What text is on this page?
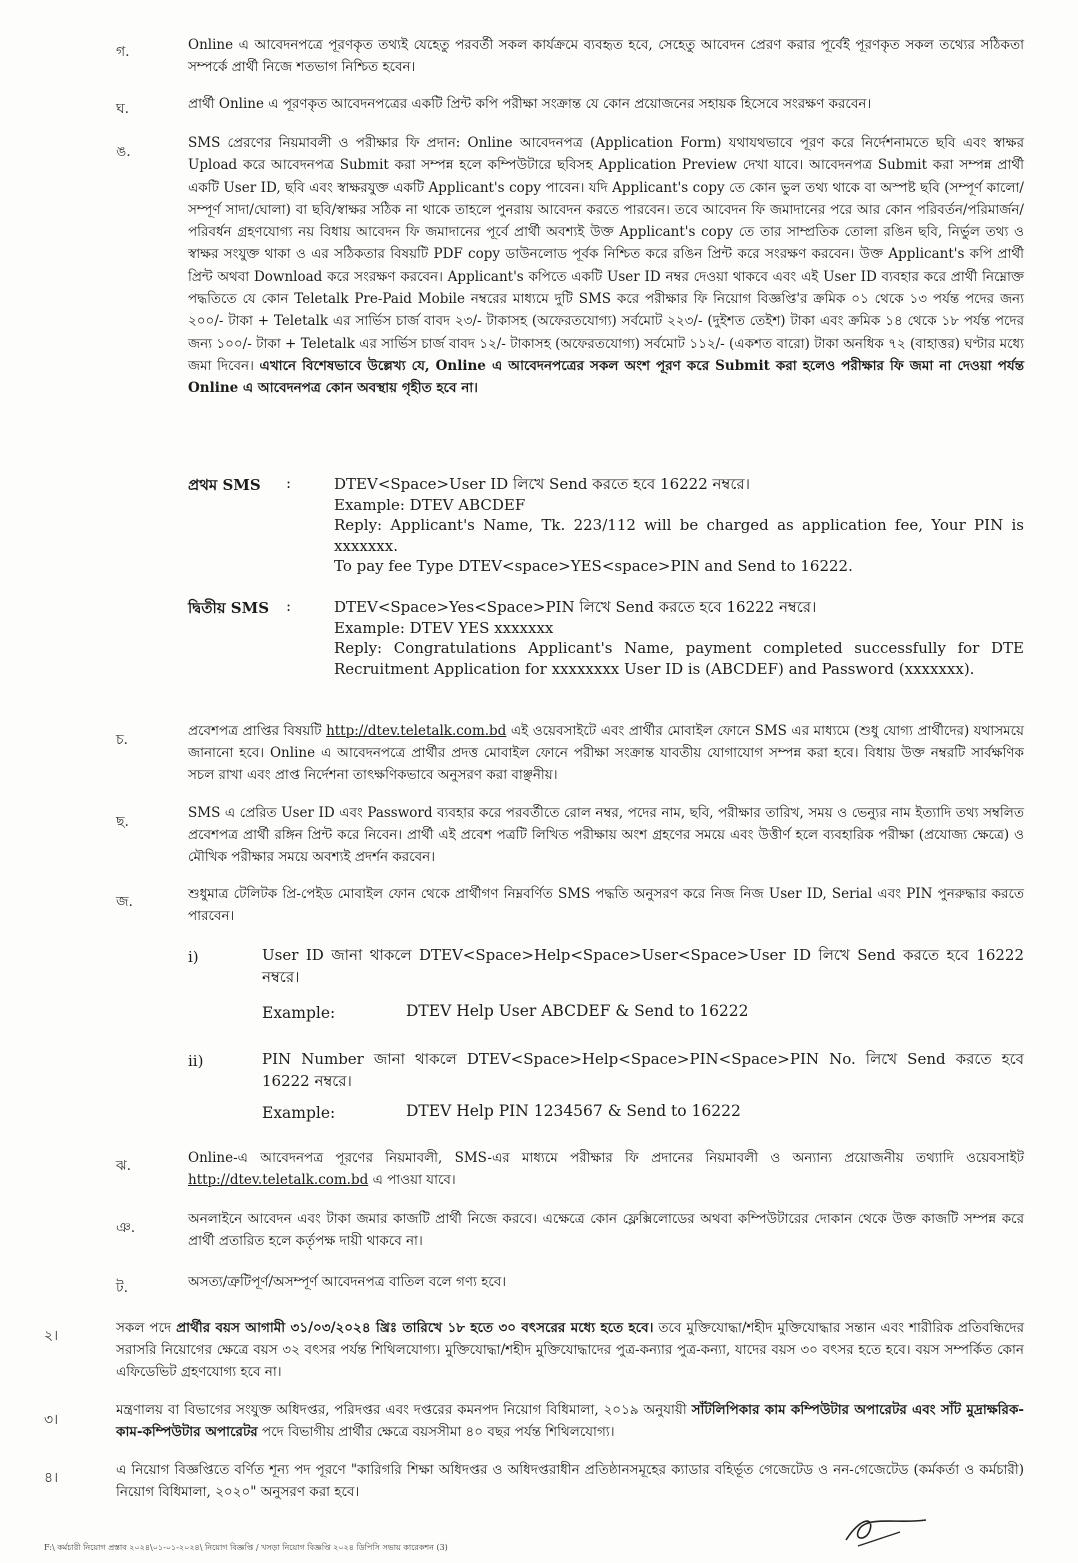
গ.	Online এ আবেদনপত্রে পূরণকৃত তথ্যই যেহেতু পরবর্তী সকল কার্যক্রমে ব্যবহৃত হবে, সেহেতু আবেদন প্রেরণ করার পূর্বেই পূরণকৃত সকল তথ্যের সঠিকতা সম্পর্কে প্রার্থী নিজে শতভাগ নিশ্চিত হবেন।
ঘ.	প্রার্থী Online এ পূরণকৃত আবেদনপত্রের একটি প্রিন্ট কপি পরীক্ষা সংক্রান্ত যে কোন প্রয়োজনের সহায়ক হিসেবে সংরক্ষণ করবেন।
ঙ.
SMS প্রেরণের নিয়মাবলী ও পরীক্ষার ফি প্রদান: Online আবেদনপত্র (Application Form) যথাযথভাবে পূরণ করে নির্দেশনামতে ছবি এবং স্বাক্ষর Upload করে আবেদনপত্র Submit করা সম্পন্ন হলে কম্পিউটারে ছবিসহ Application Preview দেখা যাবে। আবেদনপত্র Submit করা সম্পন্ন প্রার্থী একটি User ID, ছবি এবং স্বাক্ষরযুক্ত একটি Applicant's copy পাবেন। যদি Applicant's copy তে কোন ভুল তথ্য থাকে বা অস্পষ্ট ছবি (সম্পূর্ণ কালো/ সম্পূর্ণ সাদা/ঘোলা) বা ছবি/স্বাক্ষর সঠিক না থাকে তাহলে পুনরায় আবেদন করতে পারবেন। তবে আবেদন ফি জমাদানের পরে আর কোন পরিবর্তন/পরিমার্জন/ পরিবর্ধন গ্রহণযোগ্য নয় বিধায় আবেদন ফি জমাদানের পূর্বে প্রার্থী অবশ্যই উক্ত Applicant's copy তে তার সাম্প্রতিক তোলা রঙিন ছবি, নির্ভুল তথ্য ও স্বাক্ষর সংযুক্ত থাকা ও এর সঠিকতার বিষয়টি PDF copy ডাউনলোড পূর্বক নিশ্চিত করে রঙিন প্রিন্ট করে সংরক্ষণ করবেন। উক্ত Applicant's কপি প্রার্থী প্রিন্ট অথবা Download করে সংরক্ষণ করবেন। Applicant's কপিতে একটি User ID নম্বর দেওয়া থাকবে এবং এই User ID ব্যবহার করে প্রার্থী নিম্নোক্ত পদ্ধতিতে যে কোন Teletalk Pre-Paid Mobile নম্বরের মাধ্যমে দুটি SMS করে পরীক্ষার ফি নিয়োগ বিজ্ঞপ্তি'র ক্রমিক ০১ থেকে ১৩ পর্যন্ত পদের জন্য ২০০/- টাকা + Teletalk এর সার্ভিস চার্জ বাবদ ২৩/- টাকাসহ (অফেরতযোগ্য) সর্বমোট ২২৩/- (দুইশত তেইশ) টাকা এবং ক্রমিক ১৪ থেকে ১৮ পর্যন্ত পদের জন্য ১০০/- টাকা + Teletalk এর সার্ভিস চার্জ বাবদ ১২/- টাকাসহ (অফেরতযোগ্য) সর্বমোট ১১২/- (একশত বারো) টাকা অনধিক ৭২ (বাহাত্তর) ঘণ্টার মধ্যে জমা দিবেন। এখানে বিশেষভাবে উল্লেখ্য যে, Online এ আবেদনপত্রের সকল অংশ পূরণ করে Submit করা হলেও পরীক্ষার ফি জমা না দেওয়া পর্যন্ত Online এ আবেদনপত্র কোন অবস্থায় গৃহীত হবে না।
প্রথম SMS :	DTEV<Space>User ID লিখে Send করতে হবে 16222 নম্বরে।
Example: DTEV ABCDEF
Reply: Applicant's Name, Tk. 223/112 will be charged as application fee, Your PIN is xxxxxxx.
To pay fee Type DTEV<space>YES<space>PIN and Send to 16222.
দ্বিতীয় SMS :	DTEV<Space>Yes<Space>PIN লিখে Send করতে হবে 16222 নম্বরে।
Example: DTEV YES xxxxxxx
Reply: Congratulations Applicant's Name, payment completed successfully for DTE Recruitment Application for xxxxxxxx User ID is (ABCDEF) and Password (xxxxxxx).
চ.
প্রবেশপত্র প্রাপ্তির বিষয়টি http://dtev.teletalk.com.bd এই ওয়েবসাইটে এবং প্রার্থীর মোবাইল ফোনে SMS এর মাধ্যমে (শুধু যোগ্য প্রার্থীদের) যথাসময়ে জানানো হবে। Online এ আবেদনপত্রে প্রার্থীর প্রদত্ত মোবাইল ফোনে পরীক্ষা সংক্রান্ত যাবতীয় যোগাযোগ সম্পন্ন করা হবে। বিধায় উক্ত নম্বরটি সার্বক্ষণিক সচল রাখা এবং প্রাপ্ত নির্দেশনা তাৎক্ষণিকভাবে অনুসরণ করা বাঞ্ছনীয়।
ছ.
SMS এ প্রেরিত User ID এবং Password ব্যবহার করে পরবর্তীতে রোল নম্বর, পদের নাম, ছবি, পরীক্ষার তারিখ, সময় ও ভেন্যুর নাম ইত্যাদি তথ্য সম্বলিত প্রবেশপত্র প্রার্থী রঙ্গিন প্রিন্ট করে নিবেন। প্রার্থী এই প্রবেশ পত্রটি লিখিত পরীক্ষায় অংশ গ্রহণের সময়ে এবং উত্তীর্ণ হলে ব্যবহারিক পরীক্ষা (প্রযোজ্য ক্ষেত্রে) ও মৌখিক পরীক্ষার সময়ে অবশ্যই প্রদর্শন করবেন।
জ.	শুধুমাত্র টেলিটক প্রি-পেইড মোবাইল ফোন থেকে প্রার্থীগণ নিম্নবর্ণিত SMS পদ্ধতি অনুসরণ করে নিজ নিজ User ID, Serial এবং PIN পুনরুদ্ধার করতে পারবেন।
i)	User ID জানা থাকলে DTEV<Space>Help<Space>User<Space>User ID লিখে Send করতে হবে 16222 নম্বরে।
Example:	DTEV Help User ABCDEF & Send to 16222
ii)	PIN Number জানা থাকলে DTEV<Space>Help<Space>PIN<Space>PIN No. লিখে Send করতে হবে 16222 নম্বরে।
Example:	DTEV Help PIN 1234567 & Send to 16222
ঝ.	Online-এ আবেদনপত্র পূরণের নিয়মাবলী, SMS-এর মাধ্যমে পরীক্ষার ফি প্রদানের নিয়মাবলী ও অন্যান্য প্রয়োজনীয় তথ্যাদি ওয়েবসাইট http://dtev.teletalk.com.bd এ পাওয়া যাবে।
ঞ.
অনলাইনে আবেদন এবং টাকা জমার কাজটি প্রার্থী নিজে করবে। এক্ষেত্রে কোন ফ্লেক্সিলোডের অথবা কম্পিউটারের দোকান থেকে উক্ত কাজটি সম্পন্ন করে প্রার্থী প্রতারিত হলে কর্তৃপক্ষ দায়ী থাকবে না।
ট.	অসত্য/ত্রুটিপূর্ণ/অসম্পূর্ণ আবেদনপত্র বাতিল বলে গণ্য হবে।
২।	সকল পদে প্রার্থীর বয়স আগামী ৩১/০৩/২০২৪ খ্রিঃ তারিখে ১৮ হতে ৩০ বৎসরের মধ্যে হতে হবে। তবে মুক্তিযোদ্ধা/শহীদ মুক্তিযোদ্ধার সন্তান এবং শারীরিক প্রতিবন্ধিদের সরাসরি নিয়োগের ক্ষেত্রে বয়স ৩২ বৎসর পর্যন্ত শিথিলযোগ্য। মুক্তিযোদ্ধা/শহীদ মুক্তিযোদ্ধাদের পুত্র-কন্যার পুত্র-কন্যা, যাদের বয়স ৩০ বৎসর হতে হবে। বয়স সম্পর্কিত কোন এফিডেভিট গ্রহণযোগ্য হবে না।
৩।
মন্ত্রণালয় বা বিভাগের সংযুক্ত অধিদপ্তর, পরিদপ্তর এবং দপ্তরের কমনপদ নিয়োগ বিধিমালা, ২০১৯ অনুযায়ী সাঁটলিপিকার কাম কম্পিউটার অপারেটর এবং সাঁট মুদ্রাক্ষরিক-কাম-কম্পিউটার অপারেটর পদে বিভাগীয় প্রার্থীর ক্ষেত্রে বয়সসীমা ৪০ বছর পর্যন্ত শিথিলযোগ্য।
৪।	এ নিয়োগ বিজ্ঞপ্তিতে বর্ণিত শূন্য পদ পূরণে "কারিগরি শিক্ষা অধিদপ্তর ও অধিদপ্তরাধীন প্রতিষ্ঠানসমূহের ক্যাডার বহির্ভূত গেজেটেড ও নন-গেজেটেড (কর্মকর্তা ও কর্মচারী) নিয়োগ বিধিমালা, ২০২০" অনুসরণ করা হবে।
F:\ কর্মচারী নিয়োগ প্রস্তাব ২০২৪\০১-০১-২০২৪\ নিয়োগ বিজ্ঞপ্তি / খসড়া নিয়োগ বিজ্ঞপ্তি ২০২৪ ডিপিসি সভায় কারেকশন (3)
